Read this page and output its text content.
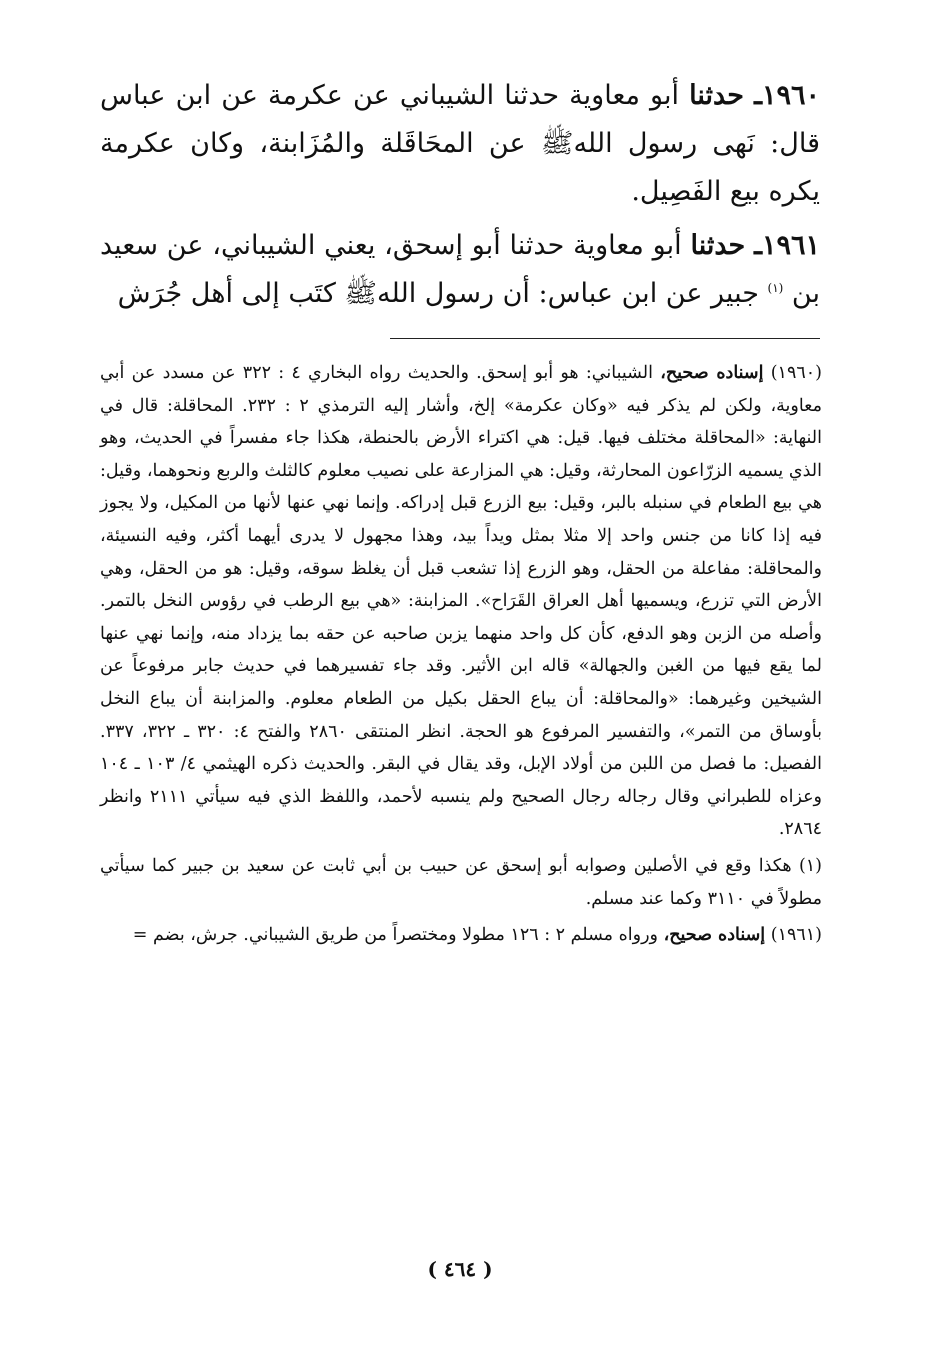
١٩٦٠ـ حدثنا أبو معاوية حدثنا الشيباني عن عكرمة عن ابن عباس قال: نَهى رسول اللهﷺ عن المحَاقَلة والمُزَابنة، وكان عكرمة يكره بيع الفَصِيل.

١٩٦١ـ حدثنا أبو معاوية حدثنا أبو إسحق، يعني الشيباني، عن سعيد بن $^{(١)}$ جبير عن ابن عباس: أن رسول اللهﷺ كتَب إلى أهل جُرَش

(١٩٦٠) إسناده صحيح، الشيباني: هو أبو إسحق. والحديث رواه البخاري ٤ : ٣٢٢ عن مسدد عن أبي معاوية، ولكن لم يذكر فيه «وكان عكرمة» إلخ، وأشار إليه الترمذي ٢ : ٢٣٢. المحاقلة: قال في النهاية: «المحاقلة مختلف فيها. قيل: هي اكتراء الأرض بالحنطة، هكذا جاء مفسراً في الحديث، وهو الذي يسميه الزرّاعون المحارثة، وقيل: هي المزارعة على نصيب معلوم كالثلث والربع ونحوهما، وقيل: هي بيع الطعام في سنبله بالبر، وقيل: بيع الزرع قبل إدراكه. وإنما نهي عنها لأنها من المكيل، ولا يجوز فيه إذا كانا من جنس واحد إلا مثلا بمثل ويداً بيد، وهذا مجهول لا يدرى أيهما أكثر، وفيه النسيئة، والمحاقلة: مفاعلة من الحقل، وهو الزرع إذا تشعب قبل أن يغلظ سوقه، وقيل: هو من الحقل، وهي الأرض التي تزرع، ويسميها أهل العراق القَرَاح». المزابنة: «هي بيع الرطب في رؤوس النخل بالتمر. وأصله من الزبن وهو الدفع، كأن كل واحد منهما يزبن صاحبه عن حقه بما يزداد منه، وإنما نهي عنها لما يقع فيها من الغبن والجهالة» قاله ابن الأثير. وقد جاء تفسيرهما في حديث جابر مرفوعاً عن الشيخين وغيرهما: «والمحاقلة: أن يباع الحقل بكيل من الطعام معلوم. والمزابنة أن يباع النخل بأوساق من التمر»، والتفسير المرفوع هو الحجة. انظر المنتقى ٢٨٦٠ والفتح ٤: ٣٢٠ ـ ٣٢٢، ٣٣٧. الفصيل: ما فصل من اللبن من أولاد الإبل، وقد يقال في البقر. والحديث ذكره الهيثمي ٤/ ١٠٣ ـ ١٠٤ وعزاه للطبراني وقال رجاله رجال الصحيح ولم ينسبه لأحمد، واللفظ الذي فيه سيأتي ٢١١١ وانظر ٢٨٦٤.

(١) هكذا وقع في الأصلين وصوابه أبو إسحق عن حبيب بن أبي ثابت عن سعيد بن جبير كما سيأتي مطولاً في ٣١١٠ وكما عند مسلم.

(١٩٦١) إسناده صحيح، ورواه مسلم ٢ : ١٢٦ مطولا ومختصراً من طريق الشيباني. جرش، بضم =

( ٤٦٤ )
